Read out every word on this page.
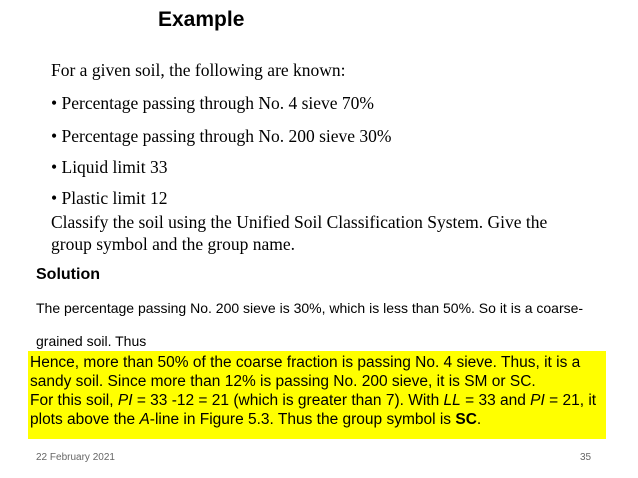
Example
For a given soil, the following are known:
• Percentage passing through No. 4 sieve 70%
• Percentage passing through No. 200 sieve 30%
• Liquid limit 33
• Plastic limit 12
Classify the soil using the Unified Soil Classification System. Give the group symbol and the group name.
Solution
The percentage passing No. 200 sieve is 30%, which is less than 50%. So it is a coarse-grained soil. Thus

Hence, more than 50% of the coarse fraction is passing No. 4 sieve. Thus, it is a sandy soil. Since more than 12% is passing No. 200 sieve, it is SM or SC.

For this soil, PI = 33 -12 = 21 (which is greater than 7). With LL = 33 and PI = 21, it plots above the A-line in Figure 5.3. Thus the group symbol is SC.

22 February 2021	35
